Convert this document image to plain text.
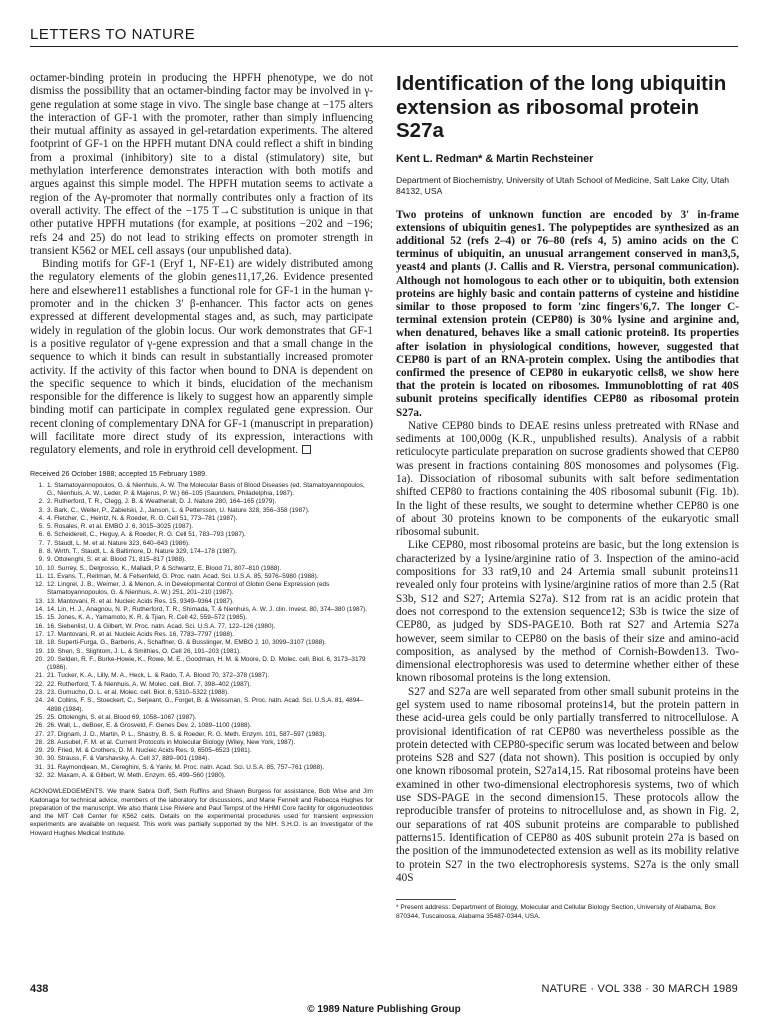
LETTERS TO NATURE

octamer-binding protein in producing the HPFH phenotype, we do not dismiss the possibility that an octamer-binding factor may be involved in γ-gene regulation at some stage in vivo. The single base change at −175 alters the interaction of GF-1 with the promoter, rather than simply influencing their mutual affinity as assayed in gel-retardation experiments. The altered footprint of GF-1 on the HPFH mutant DNA could reflect a shift in binding from a proximal (inhibitory) site to a distal (stimulatory) site, but methylation interference demonstrates interaction with both motifs and argues against this simple model. The HPFH mutation seems to activate a region of the Aγ-promoter that normally contributes only a fraction of its overall activity. The effect of the −175 T→C substitution is unique in that other putative HPFH mutations (for example, at positions −202 and −196; refs 24 and 25) do not lead to striking effects on promoter strength in transient K562 or MEL cell assays (our unpublished data).

Binding motifs for GF-1 (Eryf 1, NF-E1) are widely distributed among the regulatory elements of the globin genes11,17,26. Evidence presented here and elsewhere11 establishes a functional role for GF-1 in the human γ-promoter and in the chicken 3′ β-enhancer. This factor acts on genes expressed at different developmental stages and, as such, may participate widely in regulation of the globin locus. Our work demonstrates that GF-1 is a positive regulator of γ-gene expression and that a small change in the sequence to which it binds can result in substantially increased promoter activity. If the activity of this factor when bound to DNA is dependent on the specific sequence to which it binds, elucidation of the mechanism responsible for the difference is likely to suggest how an apparently simple binding motif can participate in complex regulated gene expression. Our recent cloning of complementary DNA for GF-1 (manuscript in preparation) will facilitate more direct study of its expression, interactions with regulatory elements, and role in erythroid cell development.

Received 26 October 1988; accepted 15 February 1989.
1. 1. Stamatoyannopoulos, G. & Nienhuis, A. W. The Molecular Basis of Blood Diseases (ed. Stamatoyannopoulos, G., Nienhuis, A. W., Leder, P. & Majerus, P. W.) 66–105 (Saunders, Philadelphia, 1987).
2. 2. Rutherford, T. R., Clegg, J. B. & Weatherall, D. J. Nature 280, 164–165 (1979).
3. 3. Bark, C., Weller, P., Zabielski, J., Janson, L. & Pettersson, U. Nature 328, 356–358 (1987).
4. 4. Fletcher, C., Heintz, N. & Roeder, R. G. Cell 51, 773–781 (1987).
5. 5. Rosales, R. et al. EMBO J. 6, 3015–3025 (1987).
6. 6. Scheidereit, C., Heguy, A. & Roeder, R. G. Cell 51, 783–793 (1987).
7. 7. Staudt, L. M. et al. Nature 323, 640–643 (1986).
8. 8. Wirth, T., Staudt, L. & Baltimore, D. Nature 329, 174–178 (1987).
9. 9. Ottolenghi, S. et al. Blood 71, 815–817 (1988).
10. 10. Surrey, S., Delgrosso, K., Malladi, P. & Schwartz, E. Blood 71, 807–810 (1988).
11. 11. Evans, T., Reitman, M. & Felsenfeld, G. Proc. natn. Acad. Sci. U.S.A. 85, 5976–5980 (1988).
12. 12. Lingrel, J. B., Weimer, J. & Menon, A. in Developmental Control of Globin Gene Expression (eds Stamatoyannopoulos, G. & Nienhuis, A. W.) 251, 201–210 (1987).
13. 13. Mantovani, R. et al. Nucleic Acids Res. 15, 9349–9364 (1987).
14. 14. Lin, H. J., Anagnou, N. P., Rutherford, T. R., Shimada, T. & Nienhuis, A. W. J. clin. Invest. 80, 374–380 (1987).
15. 15. Jones, K. A., Yamamoto, K. R. & Tjian, R. Cell 42, 559–572 (1985).
16. 16. Siebenlist, U. & Gilbert, W. Proc. natn. Acad. Sci. U.S.A. 77, 122–126 (1980).
17. 17. Mantovani, R. et al. Nucleic Acids Res. 16, 7783–7797 (1988).
18. 18. Superti-Furga, G., Barberis, A., Schaffner, G. & Busslinger, M. EMBO J. 10, 3099–3107 (1988).
19. 19. Shen, S., Slightom, J. L. & Smithies, O. Cell 26, 191–203 (1981).
20. 20. Selden, R. F., Burke-Howie, K., Rowe, M. E., Goodman, H. M. & Moore, D. D. Molec. cell. Biol. 6, 3173–3179 (1986).
21. 21. Tucker, K. A., Lilly, M. A., Heck, L. & Rado, T. A. Blood 70, 372–378 (1987).
22. 22. Rutherford, T. & Nienhuis, A. W. Molec. cell. Biol. 7, 398–402 (1987).
23. 23. Gumucho, D. L. et al. Molec. cell. Biol. 8, 5310–5322 (1988).
24. 24. Collins, F. S., Stoeckert, C., Serjeant, G., Forget, B. & Weissman, S. Proc. natn. Acad. Sci. U.S.A. 81, 4894–4898 (1984).
25. 25. Ottolenghi, S. et al. Blood 69, 1058–1067 (1987).
26. 26. Wall, L., deBoer, E. & Grosveld, F. Genes Dev. 2, 1089–1100 (1988).
27. 27. Dignam, J. D., Martin, P. L., Shastry, B. S. & Roeder, R. G. Meth. Enzym. 101, 587–597 (1983).
28. 28. Ausubel, F. M. et al. Current Protocols in Molecular Biology (Wiley, New York, 1987).
29. 29. Fried, M. & Crothers, D. M. Nucleic Acids Res. 9, 6505–6523 (1981).
30. 30. Strauss, F. & Varshavsky, A. Cell 37, 889–901 (1984).
31. 31. Raymondjean, M., Cereghini, S. & Yaniv, M. Proc. natn. Acad. Sci. U.S.A. 85, 757–761 (1988).
32. 32. Maxam, A. & Gilbert, W. Meth. Enzym. 65, 499–560 (1980).
ACKNOWLEDGEMENTS. We thank Sabra Goff, Seth Ruffins and Shawn Burgess for assistance, Bob Wise and Jim Kadonaga for technical advice, members of the laboratory for discussions, and Marie Fennell and Rebecca Hughes for preparation of the manuscript. We also thank Lise Riviere and Paul Tempst of the HHMI Core facility for oligonucleotides and the MIT Cell Center for K562 cells. Details on the experimental procedures used for transient expression experiments are available on request. This work was partially supported by the NIH. S.H.O. is an Investigator of the Howard Hughes Medical Institute.
Identification of the long ubiquitin extension as ribosomal protein S27a
Kent L. Redman* & Martin Rechsteiner
Department of Biochemistry, University of Utah School of Medicine, Salt Lake City, Utah 84132, USA

Two proteins of unknown function are encoded by 3′ in-frame extensions of ubiquitin genes1. The polypeptides are synthesized as an additional 52 (refs 2–4) or 76–80 (refs 4, 5) amino acids on the C terminus of ubiquitin, an unusual arrangement conserved in man3,5, yeast4 and plants (J. Callis and R. Vierstra, personal communication). Although not homologous to each other or to ubiquitin, both extension proteins are highly basic and contain patterns of cysteine and histidine similar to those proposed to form 'zinc fingers'6,7. The longer C-terminal extension protein (CEP80) is 30% lysine and arginine and, when denatured, behaves like a small cationic protein8. Its properties after isolation in physiological conditions, however, suggested that CEP80 is part of an RNA-protein complex. Using the antibodies that confirmed the presence of CEP80 in eukaryotic cells8, we show here that the protein is located on ribosomes. Immunoblotting of rat 40S subunit proteins specifically identifies CEP80 as ribosomal protein S27a.

Native CEP80 binds to DEAE resins unless pretreated with RNase and sediments at 100,000g (K.R., unpublished results). Analysis of a rabbit reticulocyte particulate preparation on sucrose gradients showed that CEP80 was present in fractions containing 80S monosomes and polysomes (Fig. 1a). Dissociation of ribosomal subunits with salt before sedimentation shifted CEP80 to fractions containing the 40S ribosomal subunit (Fig. 1b). In the light of these results, we sought to determine whether CEP80 is one of about 30 proteins known to be components of the eukaryotic small ribosomal subunit.

Like CEP80, most ribosomal proteins are basic, but the long extension is characterized by a lysine/arginine ratio of 3. Inspection of the amino-acid compositions for 33 rat9,10 and 24 Artemia small subunit proteins11 revealed only four proteins with lysine/arginine ratios of more than 2.5 (Rat S3b, S12 and S27; Artemia S27a). S12 from rat is an acidic protein that does not correspond to the extension sequence12; S3b is twice the size of CEP80, as judged by SDS-PAGE10. Both rat S27 and Artemia S27a however, seem similar to CEP80 on the basis of their size and amino-acid composition, as analysed by the method of Cornish-Bowden13. Two-dimensional electrophoresis was used to determine whether either of these known ribosomal proteins is the long extension.

S27 and S27a are well separated from other small subunit proteins in the gel system used to name ribosomal proteins14, but the protein pattern in these acid-urea gels could be only partially transferred to nitrocellulose. A provisional identification of rat CEP80 was nevertheless possible as the protein detected with CEP80-specific serum was located between and below proteins S28 and S27 (data not shown). This position is occupied by only one known ribosomal protein, S27a14,15. Rat ribosomal proteins have been examined in other two-dimensional electrophoresis systems, two of which use SDS-PAGE in the second dimension15. These protocols allow the reproducible transfer of proteins to nitrocellulose and, as shown in Fig. 2, our separations of rat 40S subunit proteins are comparable to published patterns15. Identification of CEP80 as 40S subunit protein 27a is based on the position of the immunodetected extension as well as its mobility relative to protein S27 in the two electrophoresis systems. S27a is the only small 40S

* Present address: Department of Biology, Molecular and Cellular Biology Section, University of Alabama, Box 870344, Tuscaloosa, Alabama 35487-0344, USA.
438	NATURE · VOL 338 · 30 MARCH 1989
© 1989 Nature Publishing Group
